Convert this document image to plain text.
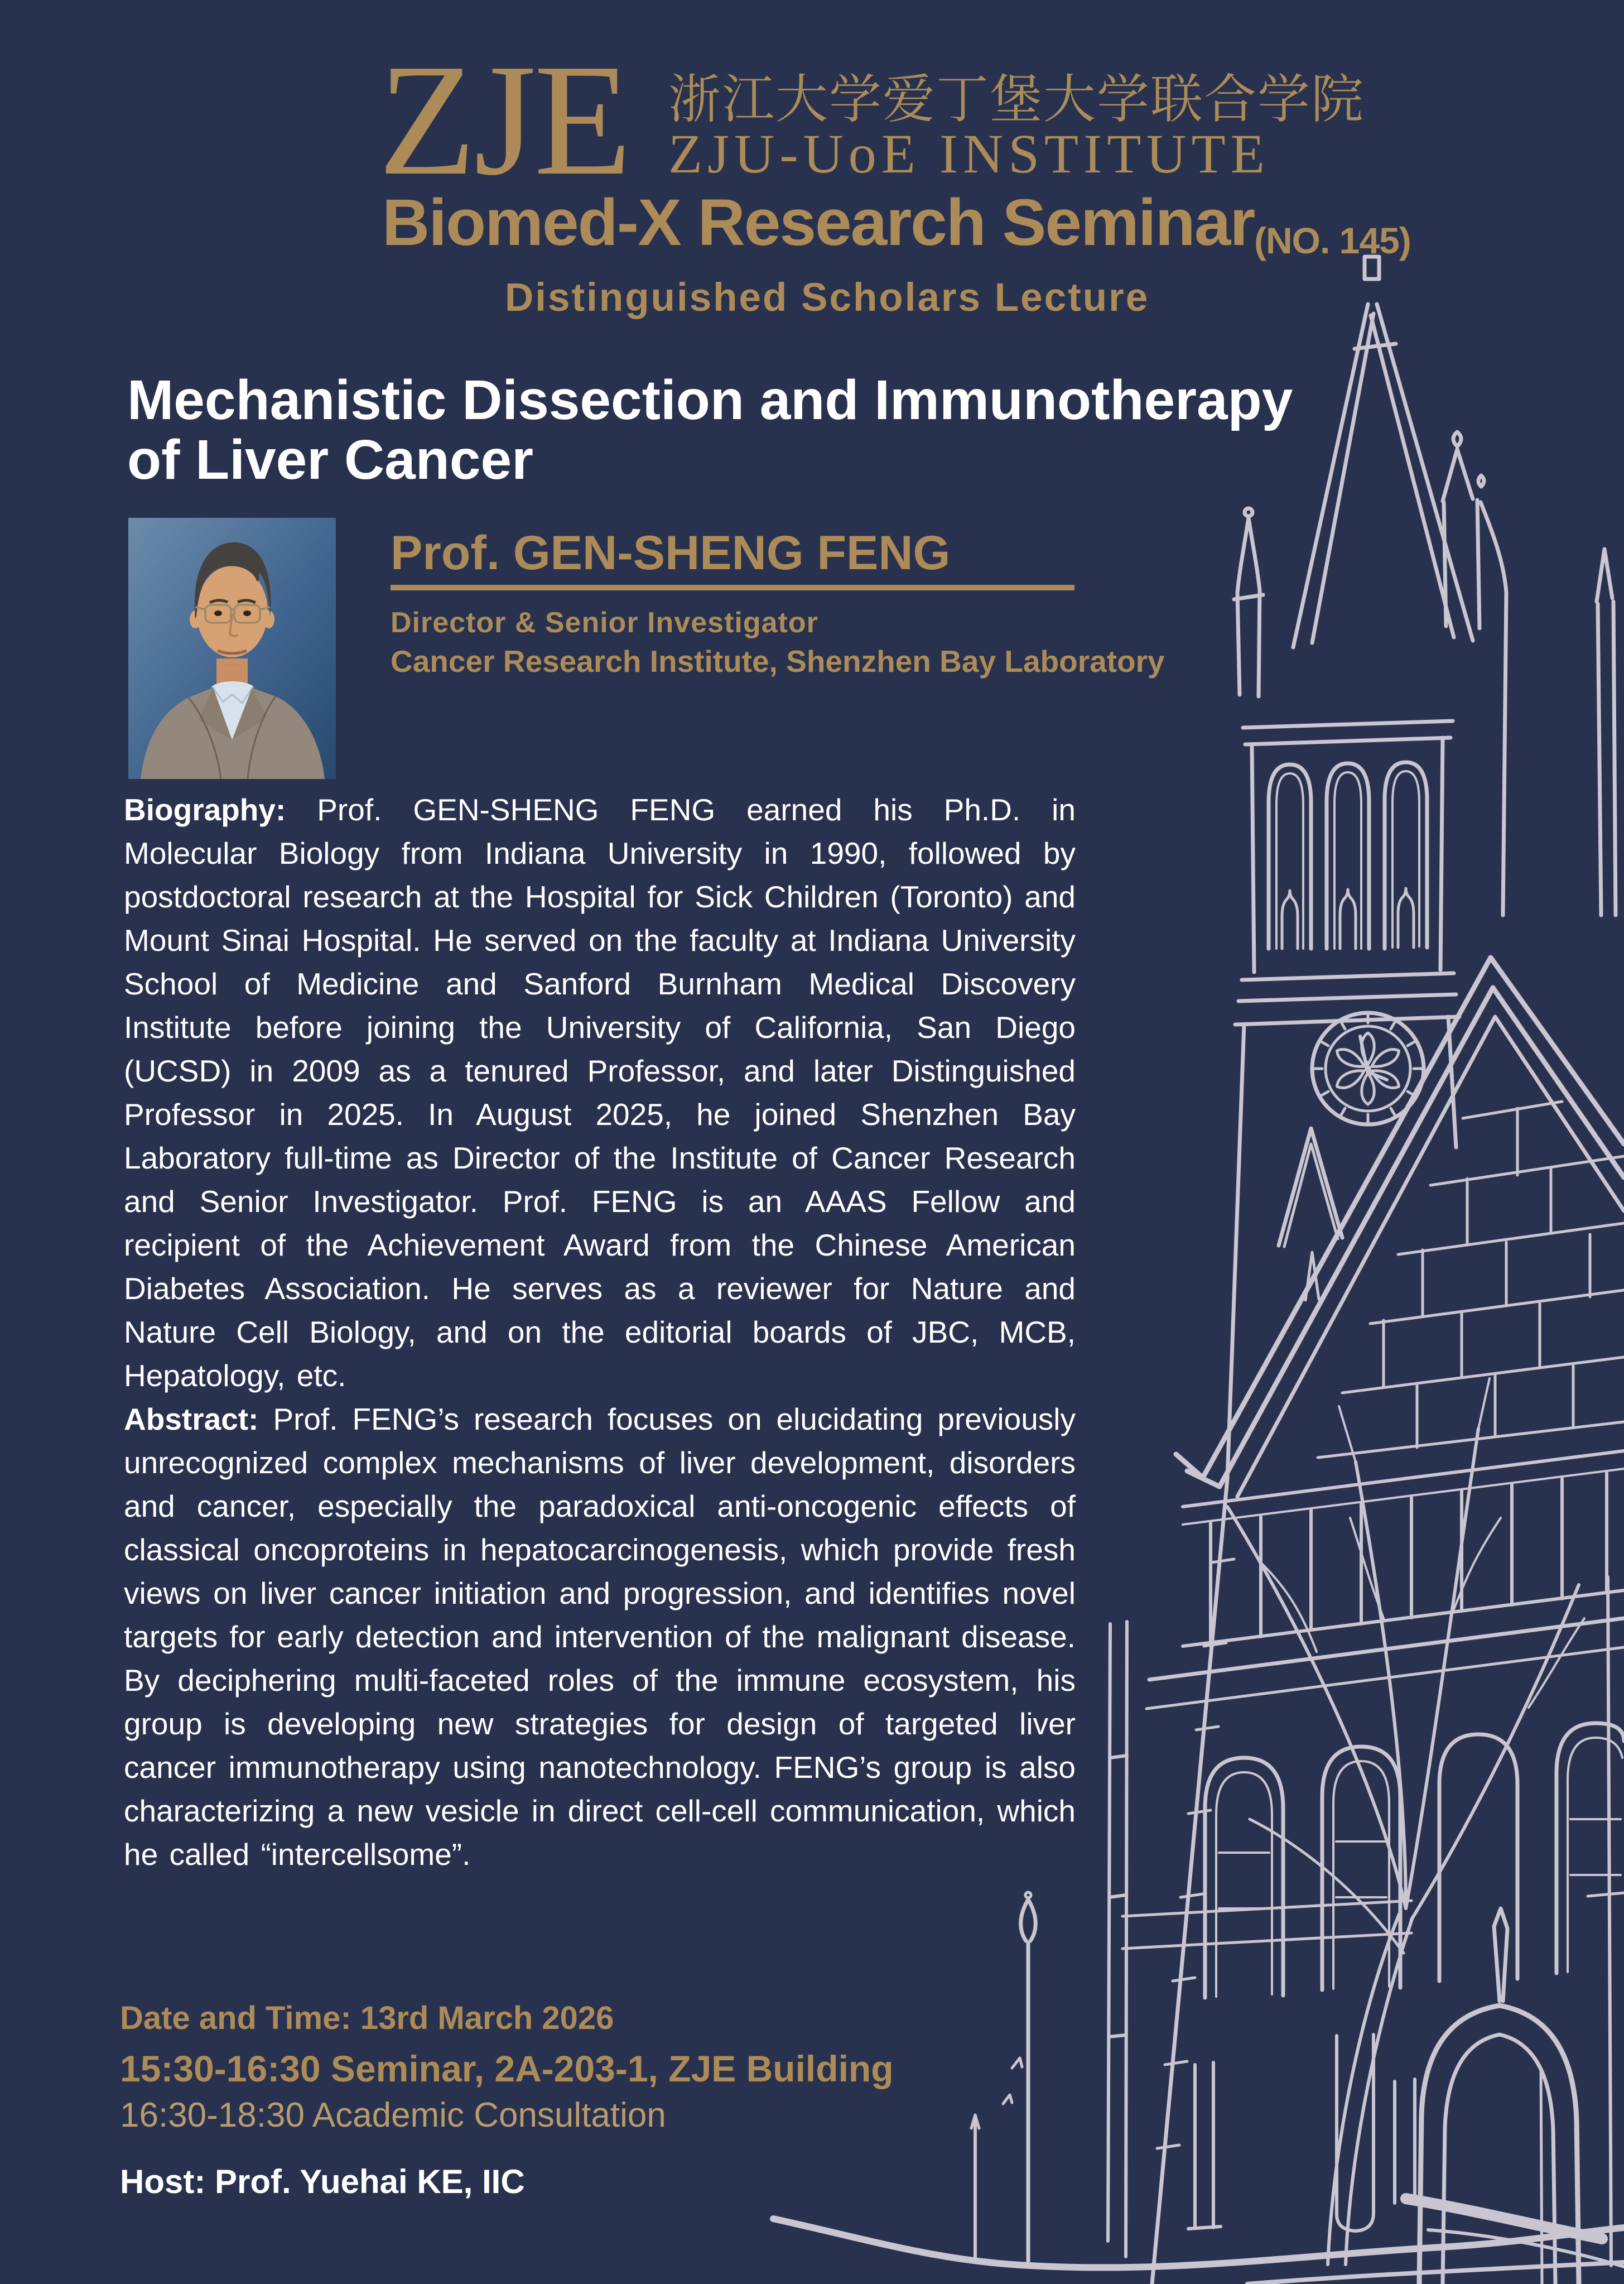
ZJE 浙江大学爱丁堡大学联合学院
ZJU-UoE INSTITUTE
Biomed-X Research Seminar (NO. 145)
Distinguished Scholars Lecture
Mechanistic Dissection and Immunotherapy
of Liver Cancer
Prof. GEN-SHENG FENG
Director & Senior Investigator
Cancer Research Institute, Shenzhen Bay Laboratory

Biography: Prof. GEN-SHENG FENG earned his Ph.D. in Molecular Biology from Indiana University in 1990, followed by postdoctoral research at the Hospital for Sick Children (Toronto) and Mount Sinai Hospital. He served on the faculty at Indiana University School of Medicine and Sanford Burnham Medical Discovery Institute before joining the University of California, San Diego (UCSD) in 2009 as a tenured Professor, and later Distinguished Professor in 2025. In August 2025, he joined Shenzhen Bay Laboratory full-time as Director of the Institute of Cancer Research and Senior Investigator. Prof. FENG is an AAAS Fellow and recipient of the Achievement Award from the Chinese American Diabetes Association. He serves as a reviewer for Nature and Nature Cell Biology, and on the editorial boards of JBC, MCB, Hepatology, etc.

Abstract: Prof. FENG’s research focuses on elucidating previously unrecognized complex mechanisms of liver development, disorders and cancer, especially the paradoxical anti-oncogenic effects of classical oncoproteins in hepatocarcinogenesis, which provide fresh views on liver cancer initiation and progression, and identifies novel targets for early detection and intervention of the malignant disease. By deciphering multi-faceted roles of the immune ecosystem, his group is developing new strategies for design of targeted liver cancer immunotherapy using nanotechnology. FENG’s group is also characterizing a new vesicle in direct cell-cell communication, which he called “intercellsome”.

Date and Time: 13rd March 2026
15:30-16:30 Seminar, 2A-203-1, ZJE Building
16:30-18:30 Academic Consultation
Host: Prof. Yuehai KE, IIC
